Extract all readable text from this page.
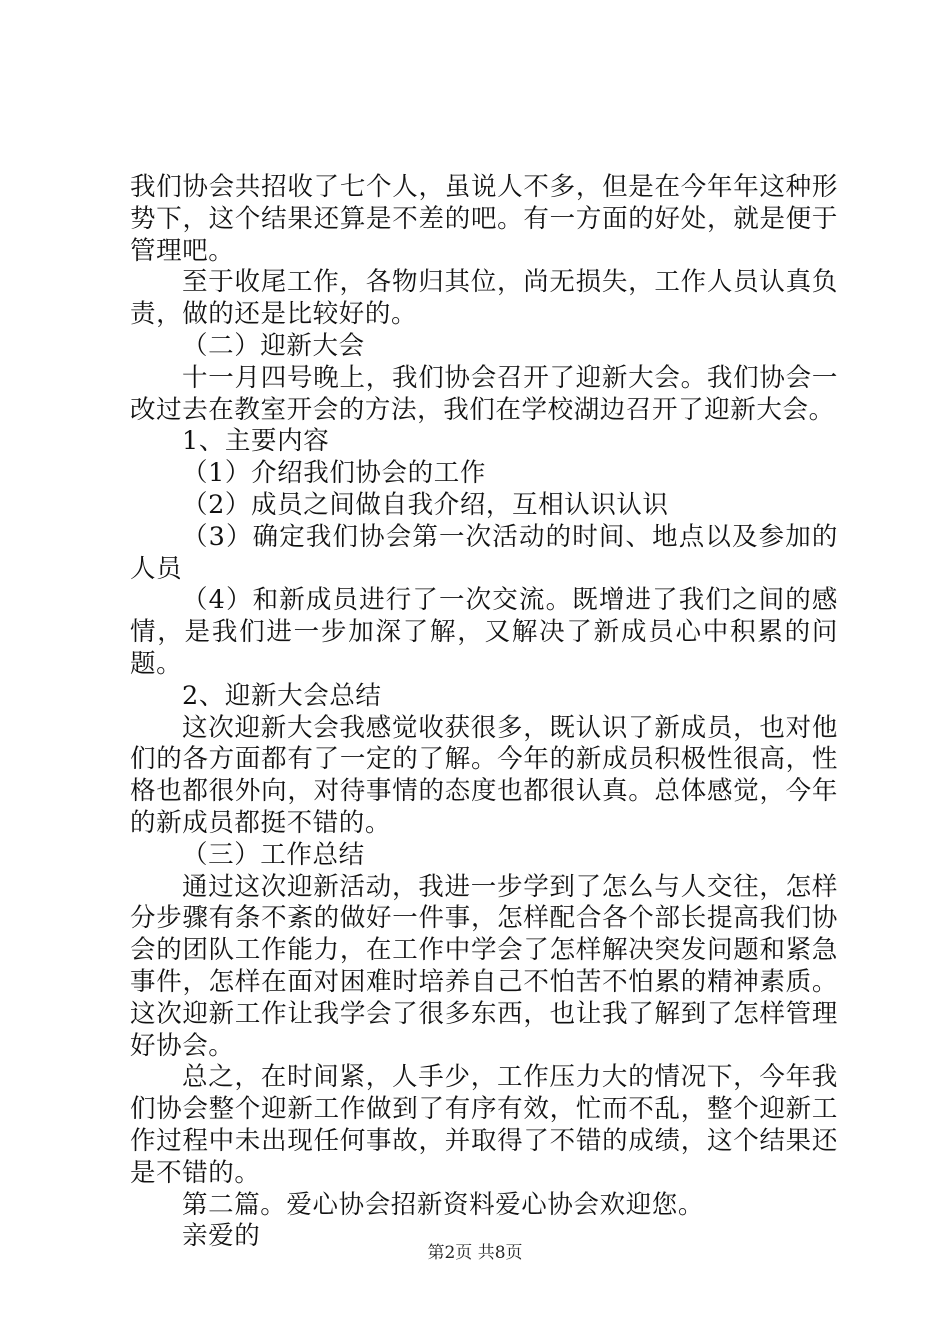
我们协会共招收了七个人，虽说人不多，但是在今年年这种形势下，这个结果还算是不差的吧。有一方面的好处，就是便于管理吧。

至于收尾工作，各物归其位，尚无损失，工作人员认真负责，做的还是比较好的。

（二）迎新大会

十一月四号晚上，我们协会召开了迎新大会。我们协会一改过去在教室开会的方法，我们在学校湖边召开了迎新大会。

1、主要内容

（1）介绍我们协会的工作

（2）成员之间做自我介绍，互相认识认识

（3）确定我们协会第一次活动的时间、地点以及参加的人员

（4）和新成员进行了一次交流。既增进了我们之间的感情，是我们进一步加深了解，又解决了新成员心中积累的问题。

2、迎新大会总结

这次迎新大会我感觉收获很多，既认识了新成员，也对他们的各方面都有了一定的了解。今年的新成员积极性很高，性格也都很外向，对待事情的态度也都很认真。总体感觉，今年的新成员都挺不错的。

（三）工作总结

通过这次迎新活动，我进一步学到了怎么与人交往，怎样分步骤有条不紊的做好一件事，怎样配合各个部长提高我们协会的团队工作能力，在工作中学会了怎样解决突发问题和紧急事件，怎样在面对困难时培养自己不怕苦不怕累的精神素质。这次迎新工作让我学会了很多东西，也让我了解到了怎样管理好协会。

总之，在时间紧，人手少，工作压力大的情况下，今年我们协会整个迎新工作做到了有序有效，忙而不乱，整个迎新工作过程中未出现任何事故，并取得了不错的成绩，这个结果还是不错的。

第二篇。爱心协会招新资料爱心协会欢迎您。

亲爱的

第2页 共8页
